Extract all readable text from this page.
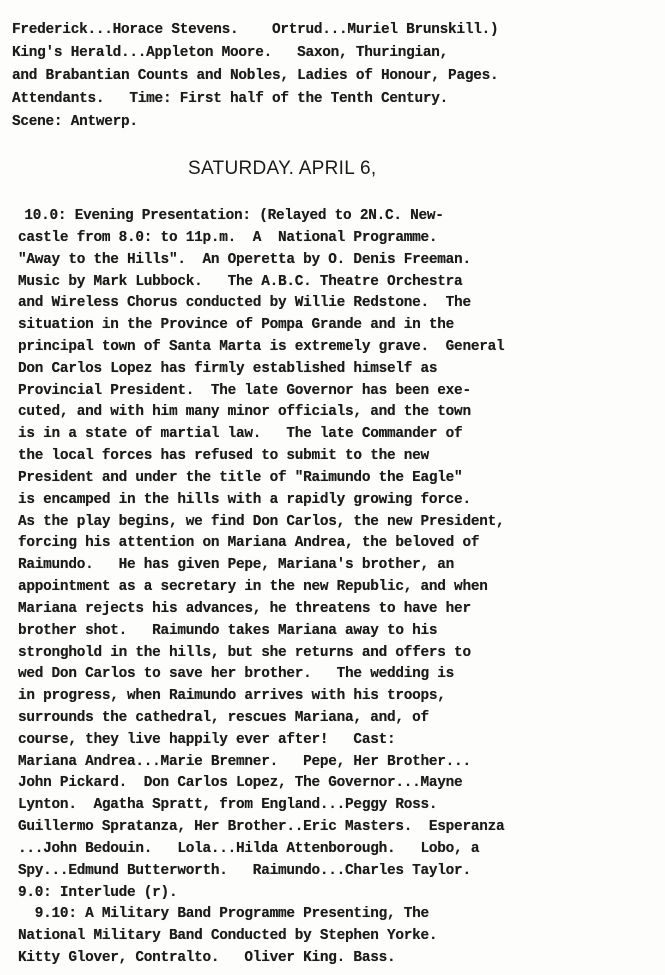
Frederick...Horace Stevens.    Ortrud...Muriel Brunskill.)
King's Herald...Appleton Moore.   Saxon, Thuringian,
and Brabantian Counts and Nobles, Ladies of Honour, Pages.
Attendants.   Time: First half of the Tenth Century.
Scene: Antwerp.
SATURDAY. APRIL 6,
10.0: Evening Presentation: (Relayed to 2N.C. New-
castle from 8.0: to 11p.m.  A  National Programme.
"Away to the Hills".  An Operetta by O. Denis Freeman.
Music by Mark Lubbock.   The A.B.C. Theatre Orchestra
and Wireless Chorus conducted by Willie Redstone.  The
situation in the Province of Pompa Grande and in the
principal town of Santa Marta is extremely grave.  General
Don Carlos Lopez has firmly established himself as
Provincial President.  The late Governor has been exe-
cuted, and with him many minor officials, and the town
is in a state of martial law.   The late Commander of
the local forces has refused to submit to the new
President and under the title of "Raimundo the Eagle"
is encamped in the hills with a rapidly growing force.
As the play begins, we find Don Carlos, the new President,
forcing his attention on Mariana Andrea, the beloved of
Raimundo.   He has given Pepe, Mariana's brother, an
appointment as a secretary in the new Republic, and when
Mariana rejects his advances, he threatens to have her
brother shot.   Raimundo takes Mariana away to his
stronghold in the hills, but she returns and offers to
wed Don Carlos to save her brother.   The wedding is
in progress, when Raimundo arrives with his troops,
surrounds the cathedral, rescues Mariana, and, of
course, they live happily ever after!   Cast:
Mariana Andrea...Marie Bremner.   Pepe, Her Brother...
John Pickard.  Don Carlos Lopez, The Governor...Mayne
Lynton.  Agatha Spratt, from England...Peggy Ross.
Guillermo Spratanza, Her Brother..Eric Masters.  Esperanza
...John Bedouin.   Lola...Hilda Attenborough.   Lobo, a
Spy...Edmund Butterworth.   Raimundo...Charles Taylor.
9.0: Interlude (r).
9.10: A Military Band Programme Presenting, The
National Military Band Conducted by Stephen Yorke.
Kitty Glover, Contralto.   Oliver King. Bass.
